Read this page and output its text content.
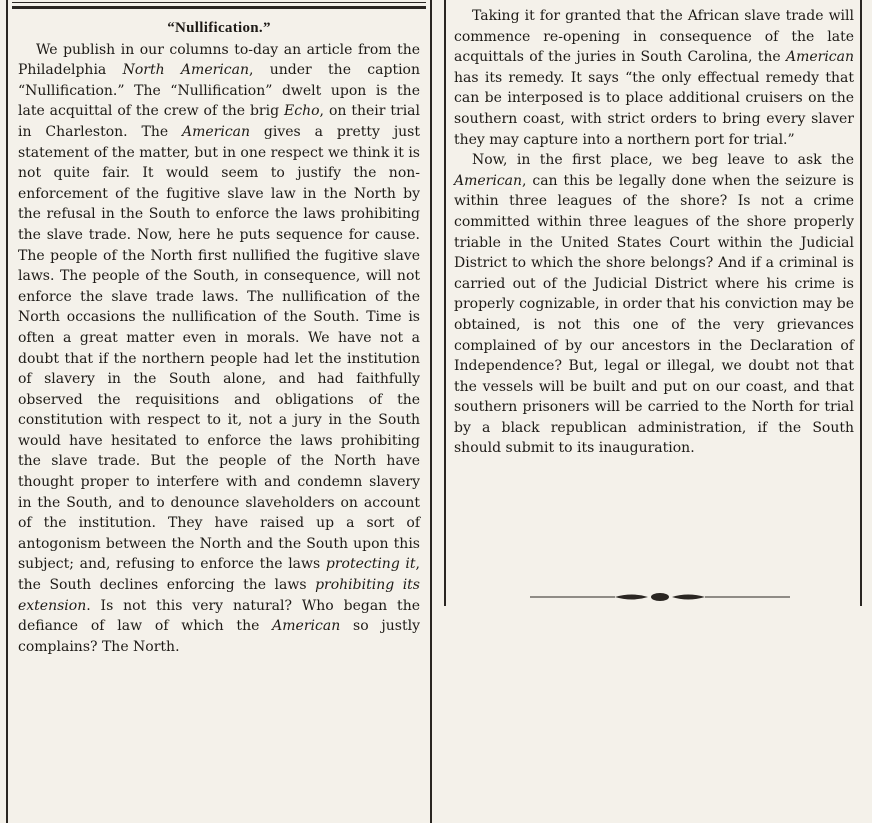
“Nullification.”

We publish in our columns to-day an article from the Philadelphia North American, under the caption “Nullification.” The “Nullification” dwelt upon is the late acquittal of the crew of the brig Echo, on their trial in Charleston. The American gives a pretty just statement of the matter, but in one respect we think it is not quite fair. It would seem to justify the non-enforcement of the fugitive slave law in the North by the refusal in the South to enforce the laws prohibiting the slave trade. Now, here he puts sequence for cause. The people of the North first nullified the fugitive slave laws. The people of the South, in consequence, will not enforce the slave trade laws. The nullification of the North occasions the nullification of the South. Time is often a great matter even in morals. We have not a doubt that if the northern people had let the institution of slavery in the South alone, and had faithfully observed the requisitions and obligations of the constitution with respect to it, not a jury in the South would have hesitated to enforce the laws prohibiting the slave trade. But the people of the North have thought proper to interfere with and condemn slavery in the South, and to denounce slaveholders on account of the institution. They have raised up a sort of antogonism between the North and the South upon this subject; and, refusing to enforce the laws protecting it, the South declines enforcing the laws prohibiting its extension. Is not this very natural? Who began the defiance of law of which the American so justly complains? The North.

Taking it for granted that the African slave trade will commence re-opening in consequence of the late acquittals of the juries in South Carolina, the American has its remedy. It says “the only effectual remedy that can be interposed is to place additional cruisers on the southern coast, with strict orders to bring every slaver they may capture into a northern port for trial.”

Now, in the first place, we beg leave to ask the American, can this be legally done when the seizure is within three leagues of the shore? Is not a crime committed within three leagues of the shore properly triable in the United States Court within the Judicial District to which the shore belongs? And if a criminal is carried out of the Judicial District where his crime is properly cognizable, in order that his conviction may be obtained, is not this one of the very grievances complained of by our ancestors in the Declaration of Independence? But, legal or illegal, we doubt not that the vessels will be built and put on our coast, and that southern prisoners will be carried to the North for trial by a black republican administration, if the South should submit to its inauguration.
